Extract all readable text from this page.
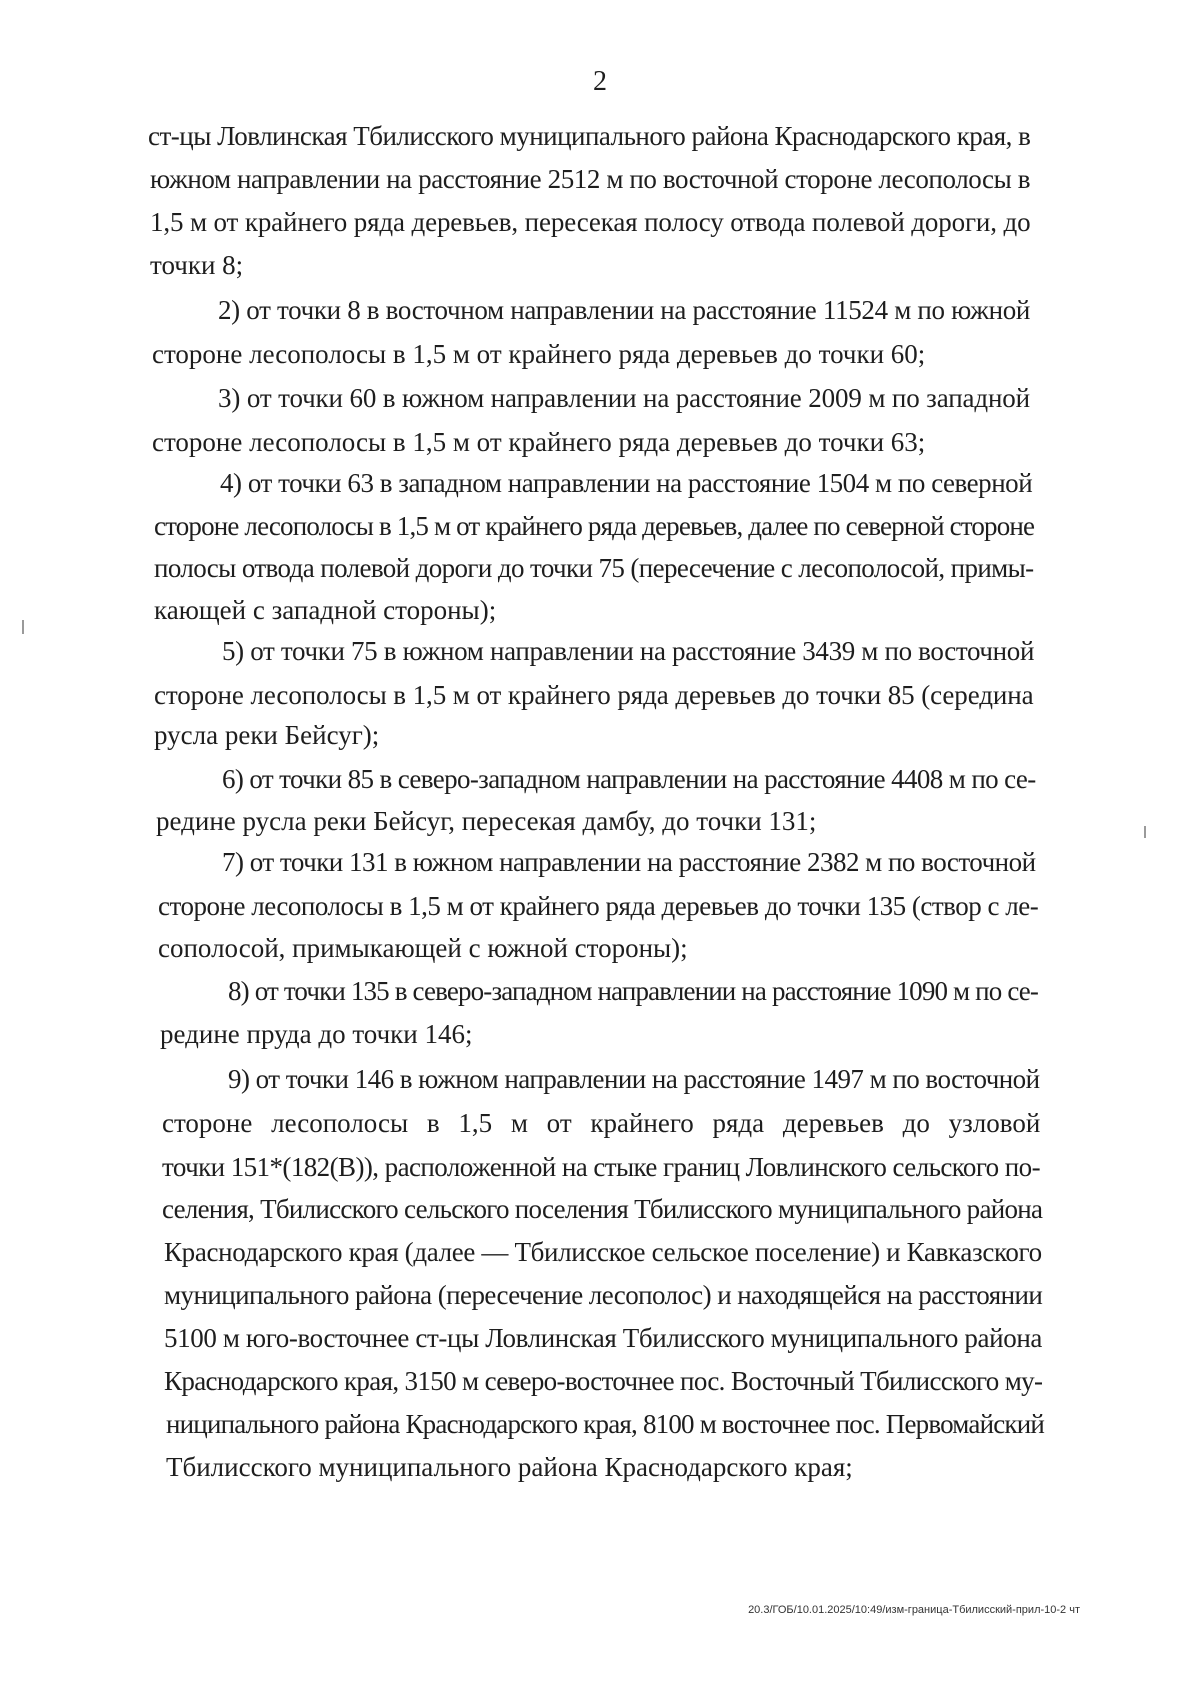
2
ст-цы Ловлинская Тбилисского муниципального района Краснодарского края, в
южном направлении на расстояние 2512 м по восточной стороне лесополосы в
1,5 м от крайнего ряда деревьев, пересекая полосу отвода полевой дороги, до
точки 8;
2) от точки 8 в восточном направлении на расстояние 11524 м по южной
стороне лесополосы в 1,5 м от крайнего ряда деревьев до точки 60;
3) от точки 60 в южном направлении на расстояние 2009 м по западной
стороне лесополосы в 1,5 м от крайнего ряда деревьев до точки 63;
4) от точки 63 в западном направлении на расстояние 1504 м по северной
стороне лесополосы в 1,5 м от крайнего ряда деревьев, далее по северной стороне
полосы отвода полевой дороги до точки 75 (пересечение с лесополосой, примы-
кающей с западной стороны);
5) от точки 75 в южном направлении на расстояние 3439 м по восточной
стороне лесополосы в 1,5 м от крайнего ряда деревьев до точки 85 (середина
русла реки Бейсуг);
6) от точки 85 в северо-западном направлении на расстояние 4408 м по се-
редине русла реки Бейсуг, пересекая дамбу, до точки 131;
7) от точки 131 в южном направлении на расстояние 2382 м по восточной
стороне лесополосы в 1,5 м от крайнего ряда деревьев до точки 135 (створ с ле-
сополосой, примыкающей с южной стороны);
8) от точки 135 в северо-западном направлении на расстояние 1090 м по се-
редине пруда до точки 146;
9) от точки 146 в южном направлении на расстояние 1497 м по восточной
стороне лесополосы в 1,5 м от крайнего ряда деревьев до узловой
точки 151*(182(В)), расположенной на стыке границ Ловлинского сельского по-
селения, Тбилисского сельского поселения Тбилисского муниципального района
Краснодарского края (далее — Тбилисское сельское поселение) и Кавказского
муниципального района (пересечение лесополос) и находящейся на расстоянии
5100 м юго-восточнее ст-цы Ловлинская Тбилисского муниципального района
Краснодарского края, 3150 м северо-восточнее пос. Восточный Тбилисского му-
ниципального района Краснодарского края, 8100 м восточнее пос. Первомайский
Тбилисского муниципального района Краснодарского края;
20.3/ГОБ/10.01.2025/10:49/изм-граница-Тбилисский-прил-10-2 чт
